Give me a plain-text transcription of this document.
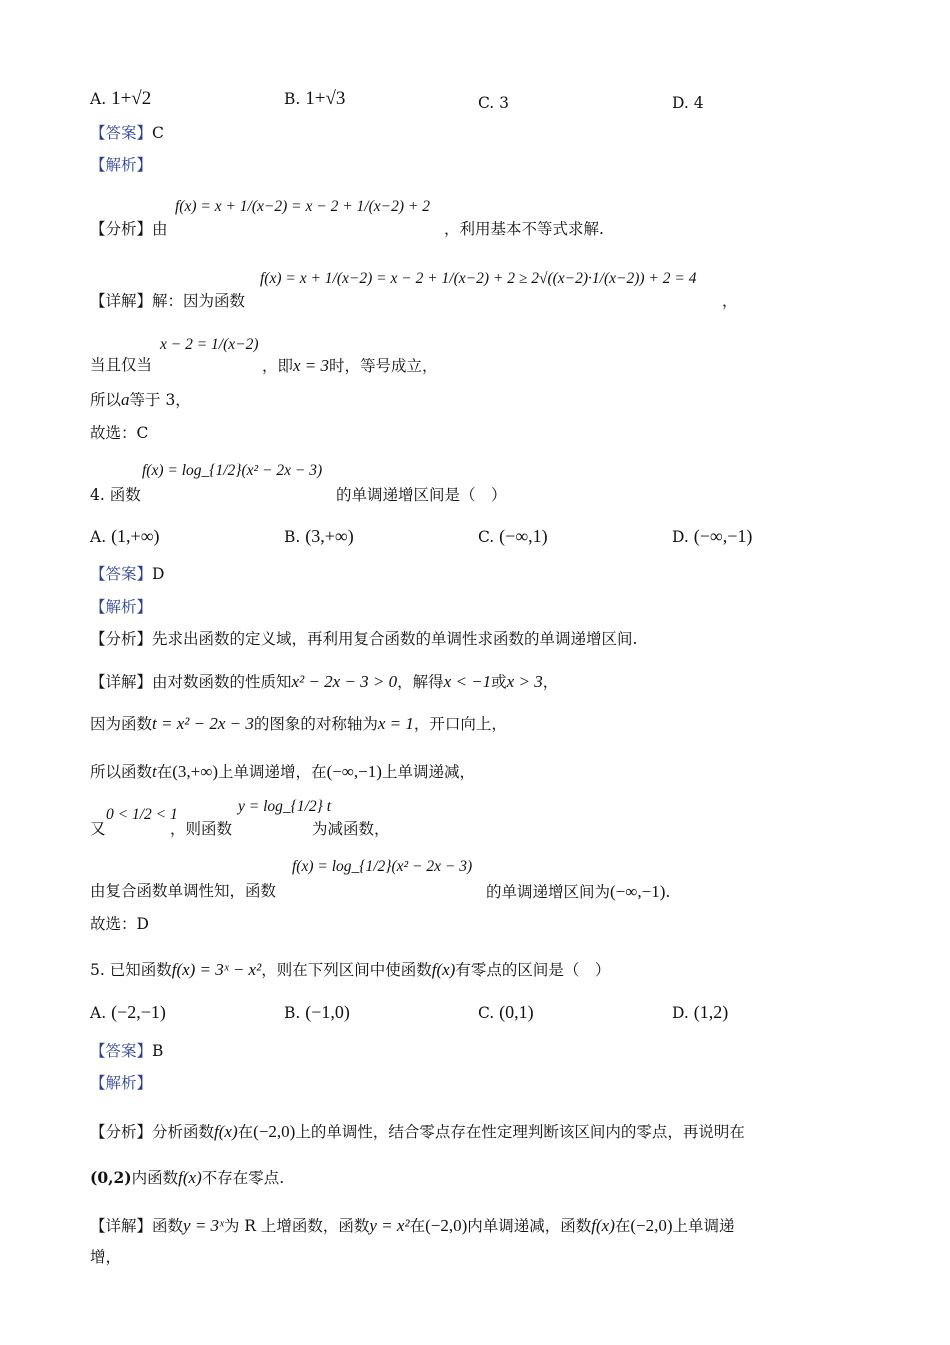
A. 1+√2	B. 1+√3	C. 3	D. 4
【答案】C
【解析】
【分析】由
f(x) = x + 1/(x−2) = x − 2 + 1/(x−2) + 2
，利用基本不等式求解.
【详解】解：因为函数
f(x) = x + 1/(x−2) = x − 2 + 1/(x−2) + 2 ≥ 2√((x−2)·1/(x−2)) + 2 = 4
，
当且仅当
x − 2 = 1/(x−2)
，即x = 3时，等号成立，
所以a等于 3，
故选：C
4. 函数
f(x) = log_{1/2}(x² − 2x − 3)
的单调递增区间是（　）
A. (1,+∞)	B. (3,+∞)	C. (−∞,1)	D. (−∞,−1)
【答案】D
【解析】
【分析】先求出函数的定义域，再利用复合函数的单调性求函数的单调递增区间.
【详解】由对数函数的性质知x² − 2x − 3 > 0，解得x < −1或x > 3，
因为函数t = x² − 2x − 3的图象的对称轴为x = 1，开口向上，
所以函数t在(3,+∞)上单调递增，在(−∞,−1)上单调递减，
又
0 < 1/2 < 1
，则函数
y = log_{1/2} t
为减函数，
由复合函数单调性知，函数
f(x) = log_{1/2}(x² − 2x − 3)
的单调递增区间为(−∞,−1).
故选：D
5. 已知函数f(x) = 3ˣ − x²，则在下列区间中使函数f(x)有零点的区间是（　）
A. (−2,−1)	B. (−1,0)	C. (0,1)	D. (1,2)
【答案】B
【解析】
【分析】分析函数f(x)在(−2,0)上的单调性，结合零点存在性定理判断该区间内的零点，再说明在
(0,2)内函数f(x)不存在零点.
【详解】函数y = 3ˣ为 R 上增函数，函数y = x²在(−2,0)内单调递减，函数f(x)在(−2,0)上单调递
增，
